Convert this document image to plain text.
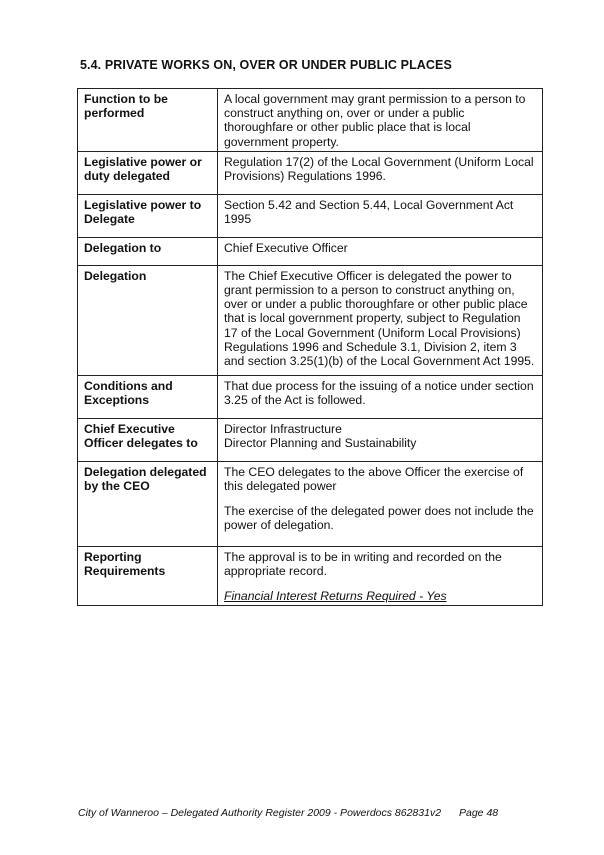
5.4. PRIVATE WORKS ON, OVER OR UNDER PUBLIC PLACES
Function to be performed	A local government may grant permission to a person to construct anything on, over or under a public thoroughfare or other public place that is local government property.
Legislative power or duty delegated	Regulation 17(2) of the Local Government (Uniform Local Provisions) Regulations 1996.
Legislative power to Delegate	Section 5.42 and Section 5.44, Local Government Act 1995
Delegation to	Chief Executive Officer
Delegation	The Chief Executive Officer is delegated the power to grant permission to a person to construct anything on, over or under a public thoroughfare or other public place that is local government property, subject to Regulation 17 of the Local Government (Uniform Local Provisions) Regulations 1996 and Schedule 3.1, Division 2, item 3 and section 3.25(1)(b) of the Local Government Act 1995.
Conditions and Exceptions	That due process for the issuing of a notice under section 3.25 of the Act is followed.
Chief Executive Officer delegates to	Director Infrastructure
Director Planning and Sustainability

Delegation delegated by the CEO	The CEO delegates to the above Officer the exercise of this delegated power
The exercise of the delegated power does not include the power of delegation.

Reporting Requirements	The approval is to be in writing and recorded on the appropriate record.
Financial Interest Returns Required - Yes
City of Wanneroo – Delegated Authority Register 2009 - Powerdocs 862831v2 Page 48
